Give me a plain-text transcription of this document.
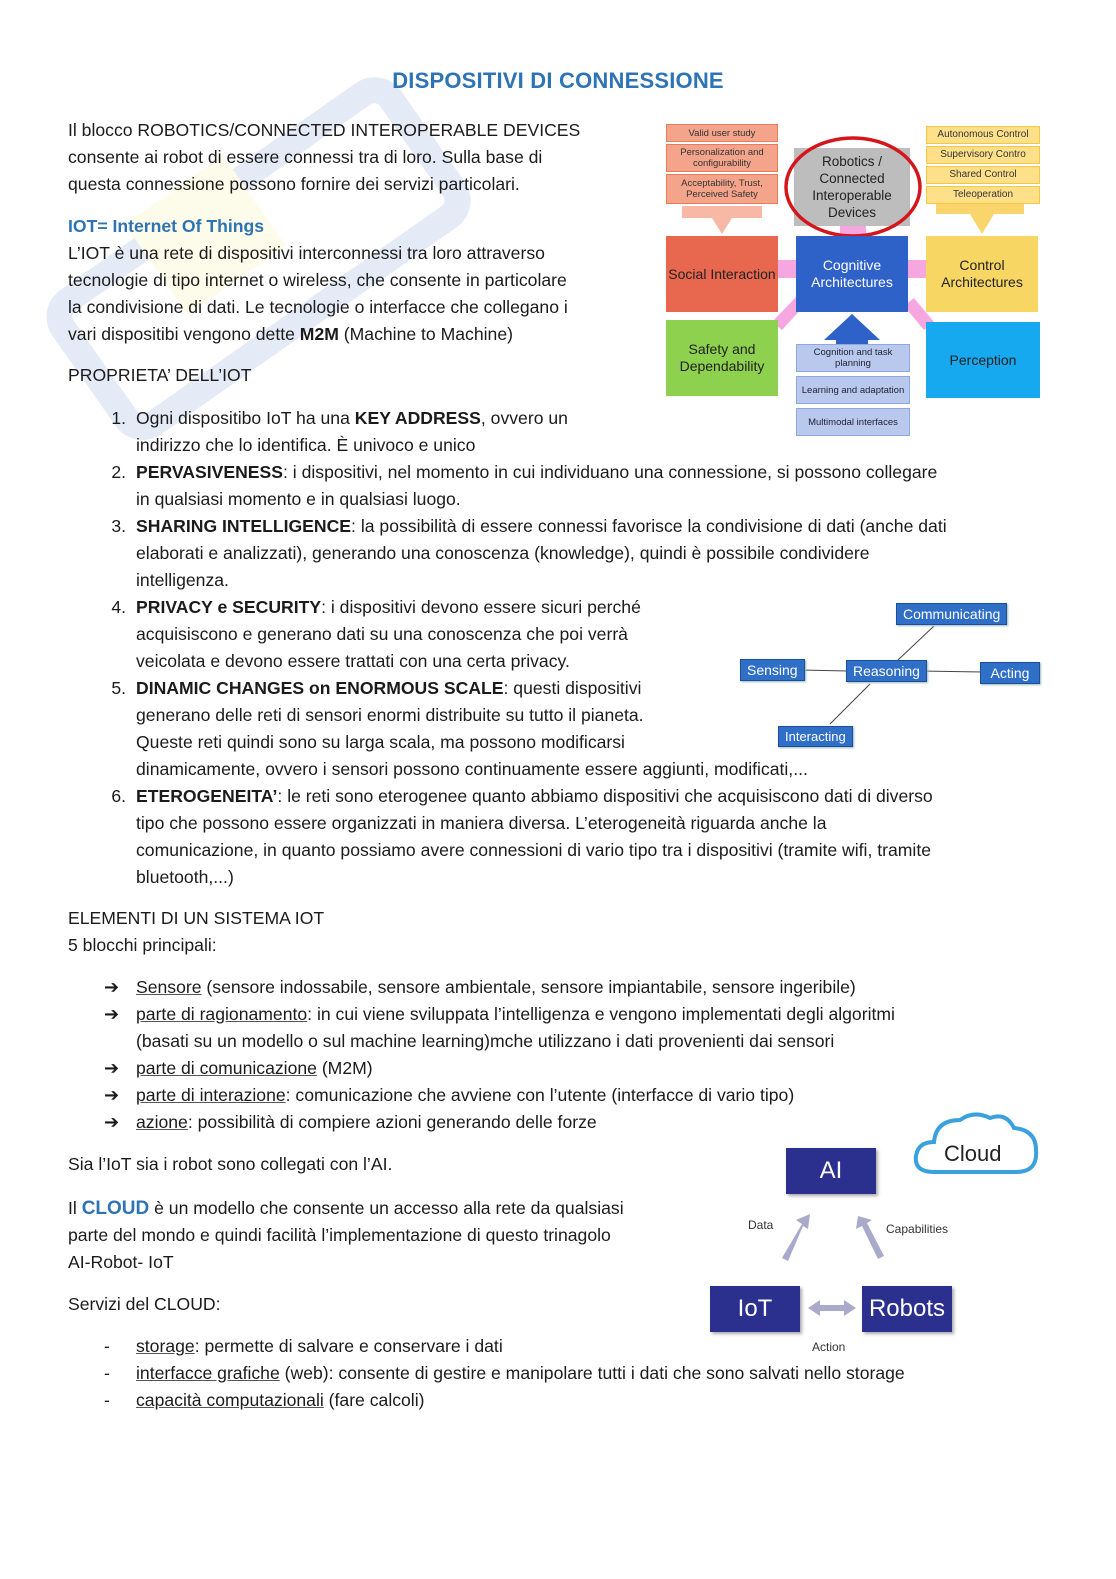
DISPOSITIVI DI CONNESSIONE
Il blocco ROBOTICS/CONNECTED INTEROPERABLE DEVICES
consente ai robot di essere connessi tra di loro. Sulla base di
questa connessione possono fornire dei servizi particolari.
IOT= Internet Of Things
L’IOT è una rete di dispositivi interconnessi tra loro attraverso
tecnologie di tipo internet o wireless, che consente in particolare
la condivisione di dati. Le tecnologie o interfacce che collegano i
vari dispositibi vengono dette M2M (Machine to Machine)
PROPRIETA’ DELL’IOT
1. Ogni dispositibo IoT ha una KEY ADDRESS, ovvero un
indirizzo che lo identifica. È univoco e unico
2. PERVASIVENESS: i dispositivi, nel momento in cui individuano una connessione, si possono collegare
in qualsiasi momento e in qualsiasi luogo.
3. SHARING INTELLIGENCE: la possibilità di essere connessi favorisce la condivisione di dati (anche dati
elaborati e analizzati), generando una conoscenza (knowledge), quindi è possibile condividere
intelligenza.
4. PRIVACY e SECURITY: i dispositivi devono essere sicuri perché
acquisiscono e generano dati su una conoscenza che poi verrà
veicolata e devono essere trattati con una certa privacy.
5. DINAMIC CHANGES on ENORMOUS SCALE: questi dispositivi
generano delle reti di sensori enormi distribuite su tutto il pianeta.
Queste reti quindi sono su larga scala, ma possono modificarsi
dinamicamente, ovvero i sensori possono continuamente essere aggiunti, modificati,...
6. ETEROGENEITA’: le reti sono eterogenee quanto abbiamo dispositivi che acquisiscono dati di diverso
tipo che possono essere organizzati in maniera diversa. L’eterogeneità riguarda anche la
comunicazione, in quanto possiamo avere connessioni di vario tipo tra i dispositivi (tramite wifi, tramite
bluetooth,...)
ELEMENTI DI UN SISTEMA IOT
5 blocchi principali:
➔ Sensore (sensore indossabile, sensore ambientale, sensore impiantabile, sensore ingeribile)
➔ parte di ragionamento: in cui viene sviluppata l’intelligenza e vengono implementati degli algoritmi
(basati su un modello o sul machine learning)mche utilizzano i dati provenienti dai sensori
➔ parte di comunicazione (M2M)
➔ parte di interazione: comunicazione che avviene con l’utente (interfacce di vario tipo)
➔ azione: possibilità di compiere azioni generando delle forze
Sia l’IoT sia i robot sono collegati con l’AI.
Il CLOUD è un modello che consente un accesso alla rete da qualsiasi
parte del mondo e quindi facilità l’implementazione di questo trinagolo
AI-Robot- IoT
Servizi del CLOUD:
- storage: permette di salvare e conservare i dati
- interfacce grafiche (web): consente di gestire e manipolare tutti i dati che sono salvati nello storage
- capacità computazionali (fare calcoli)
Valid user study
Personalization and configurability
Acceptability, Trust, Perceived Safety
Autonomous Control
Supervisory Contro
Shared Control
Teleoperation
Robotics / Connected Interoperable Devices
Social Interaction
Cognitive Architectures
Control Architectures
Safety and Dependability	Perception
Cognition and task planning
Learning and adaptation
Multimodal interfaces
Communicating
Sensing	Reasoning	Acting
Interacting
Cloud
AI
IoT	Robots
Data	Capabilities
Action
